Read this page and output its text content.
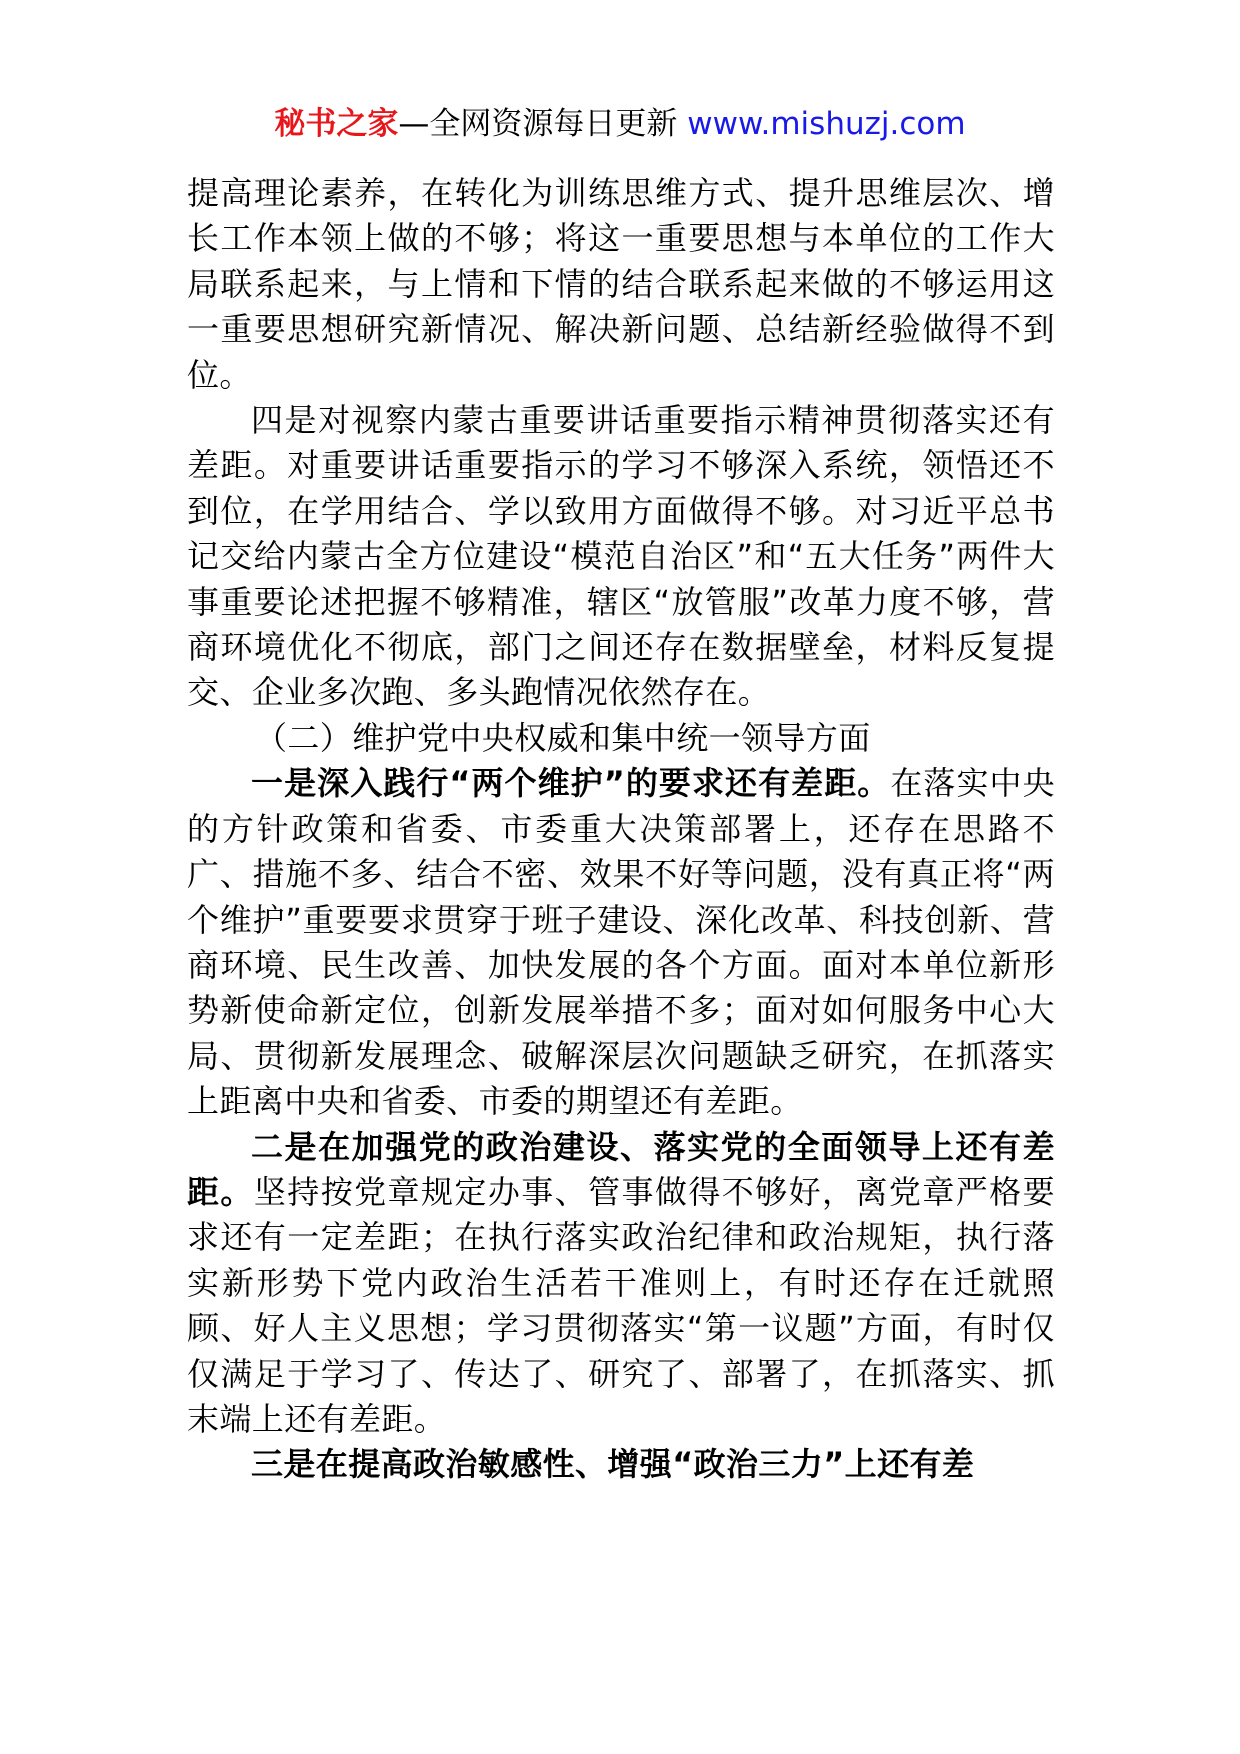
秘书之家—全网资源每日更新 www.mishuzj.com

提高理论素养，在转化为训练思维方式、提升思维层次、增长工作本领上做的不够；将这一重要思想与本单位的工作大局联系起来，与上情和下情的结合联系起来做的不够运用这一重要思想研究新情况、解决新问题、总结新经验做得不到位。

四是对视察内蒙古重要讲话重要指示精神贯彻落实还有差距。对重要讲话重要指示的学习不够深入系统，领悟还不到位，在学用结合、学以致用方面做得不够。对习近平总书记交给内蒙古全方位建设“模范自治区”和“五大任务”两件大事重要论述把握不够精准，辖区“放管服”改革力度不够，营商环境优化不彻底，部门之间还存在数据壁垒，材料反复提交、企业多次跑、多头跑情况依然存在。

（二）维护党中央权威和集中统一领导方面

一是深入践行“两个维护”的要求还有差距。在落实中央的方针政策和省委、市委重大决策部署上，还存在思路不广、措施不多、结合不密、效果不好等问题，没有真正将“两个维护”重要要求贯穿于班子建设、深化改革、科技创新、营商环境、民生改善、加快发展的各个方面。面对本单位新形势新使命新定位，创新发展举措不多；面对如何服务中心大局、贯彻新发展理念、破解深层次问题缺乏研究，在抓落实上距离中央和省委、市委的期望还有差距。

二是在加强党的政治建设、落实党的全面领导上还有差距。坚持按党章规定办事、管事做得不够好，离党章严格要求还有一定差距；在执行落实政治纪律和政治规矩，执行落实新形势下党内政治生活若干准则上，有时还存在迁就照顾、好人主义思想；学习贯彻落实“第一议题”方面，有时仅仅满足于学习了、传达了、研究了、部署了，在抓落实、抓末端上还有差距。

三是在提高政治敏感性、增强“政治三力”上还有差
